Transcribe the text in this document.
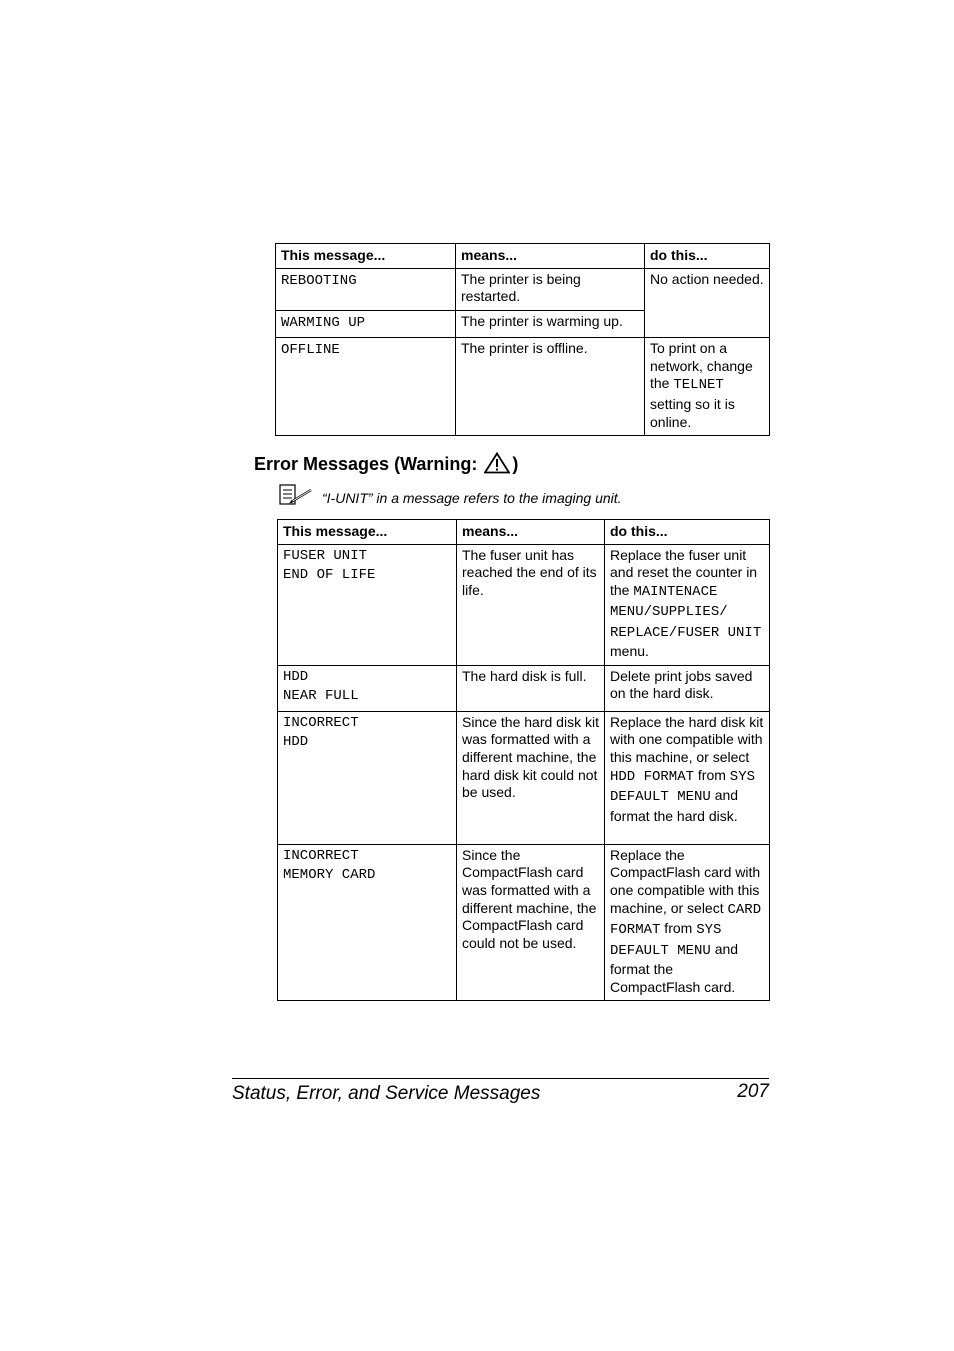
This message...	means...	do this...
REBOOTING	The printer is being restarted.	No action needed.
WARMING UP	The printer is warming up.	
OFFLINE	The printer is offline.	To print on a network, change the TELNET setting so it is online.
Error Messages (Warning: )
“I-UNIT” in a message refers to the imaging unit.
This message...	means...	do this...

FUSER UNIT
END OF LIFE	The fuser unit has reached the end of its life.	Replace the fuser unit and reset the counter in the MAINTENACE MENU/SUPPLIES/ REPLACE/FUSER UNIT menu.

HDD
NEAR FULL	The hard disk is full.	Delete print jobs saved on the hard disk.

INCORRECT
HDD	Since the hard disk kit was formatted with a different machine, the hard disk kit could not be used.	Replace the hard disk kit with one compatible with this machine, or select HDD FORMAT from SYS DEFAULT MENU and format the hard disk.

INCORRECT
MEMORY CARD	Since the CompactFlash card was formatted with a different machine, the CompactFlash card could not be used.	Replace the CompactFlash card with one compatible with this machine, or select CARD FORMAT from SYS DEFAULT MENU and format the CompactFlash card.
Status, Error, and Service Messages	207
